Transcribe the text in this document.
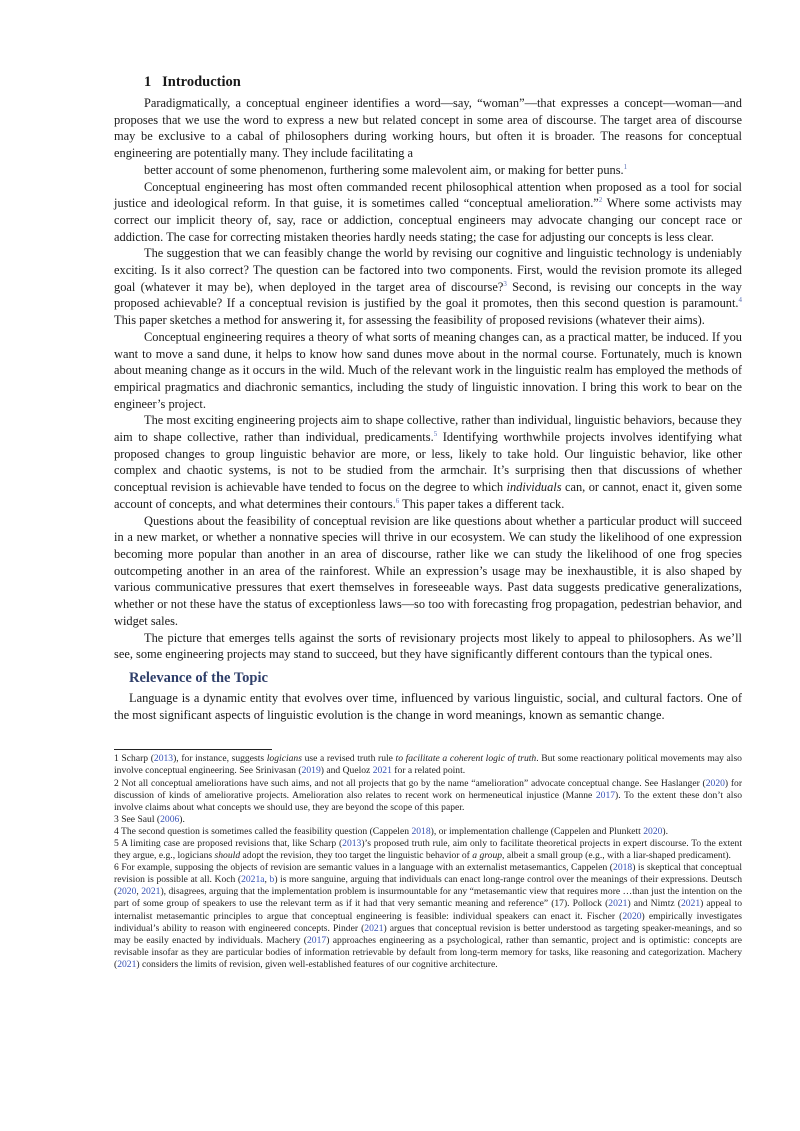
1 Introduction

Paradigmatically, a conceptual engineer identifies a word—say, “woman”—that expresses a concept—woman—and proposes that we use the word to express a new but related concept in some area of discourse. The target area of discourse may be exclusive to a cabal of philosophers during working hours, but often it is broader. The reasons for conceptual engineering are potentially many. They include facilitating a

better account of some phenomenon, furthering some malevolent aim, or making for better puns.$^1$

Conceptual engineering has most often commanded recent philosophical attention when proposed as a tool for social justice and ideological reform. In that guise, it is sometimes called “conceptual amelioration.”$^2$ Where some activists may correct our implicit theory of, say, race or addiction, conceptual engineers may advocate changing our concept race or addiction. The case for correcting mistaken theories hardly needs stating; the case for adjusting our concepts is less clear.

The suggestion that we can feasibly change the world by revising our cognitive and linguistic technology is undeniably exciting. Is it also correct? The question can be factored into two components. First, would the revision promote its alleged goal (whatever it may be), when deployed in the target area of discourse?$^3$ Second, is revising our concepts in the way proposed achievable? If a conceptual revision is justified by the goal it promotes, then this second question is paramount.$^4$ This paper sketches a method for answering it, for assessing the feasibility of proposed revisions (whatever their aims).

Conceptual engineering requires a theory of what sorts of meaning changes can, as a practical matter, be induced. If you want to move a sand dune, it helps to know how sand dunes move about in the normal course. Fortunately, much is known about meaning change as it occurs in the wild. Much of the relevant work in the linguistic realm has employed the methods of empirical pragmatics and diachronic semantics, including the study of linguistic innovation. I bring this work to bear on the engineer’s project.

The most exciting engineering projects aim to shape collective, rather than individual, linguistic behaviors, because they aim to shape collective, rather than individual, predicaments.$^5$ Identifying worthwhile projects involves identifying what proposed changes to group linguistic behavior are more, or less, likely to take hold. Our linguistic behavior, like other complex and chaotic systems, is not to be studied from the armchair. It’s surprising then that discussions of whether conceptual revision is achievable have tended to focus on the degree to which individuals can, or cannot, enact it, given some account of concepts, and what determines their contours.$^6$ This paper takes a different tack.

Questions about the feasibility of conceptual revision are like questions about whether a particular product will succeed in a new market, or whether a nonnative species will thrive in our ecosystem. We can study the likelihood of one expression becoming more popular than another in an area of discourse, rather like we can study the likelihood of one frog species outcompeting another in an area of the rainforest. While an expression’s usage may be inexhaustible, it is also shaped by various communicative pressures that exert themselves in foreseeable ways. Past data suggests predicative generalizations, whether or not these have the status of exceptionless laws—so too with forecasting frog propagation, pedestrian behavior, and widget sales.

The picture that emerges tells against the sorts of revisionary projects most likely to appeal to philosophers. As we’ll see, some engineering projects may stand to succeed, but they have significantly different contours than the typical ones.

Relevance of the Topic

Language is a dynamic entity that evolves over time, influenced by various linguistic, social, and cultural factors. One of the most significant aspects of linguistic evolution is the change in word meanings, known as semantic change.

1 Scharp (2013), for instance, suggests logicians use a revised truth rule to facilitate a coherent logic of truth. But some reactionary political movements may also involve conceptual engineering. See Srinivasan (2019) and Queloz 2021 for a related point.

2 Not all conceptual ameliorations have such aims, and not all projects that go by the name “amelioration” advocate conceptual change. See Haslanger (2020) for discussion of kinds of ameliorative projects. Amelioration also relates to recent work on hermeneutical injustice (Manne 2017). To the extent these don’t also involve claims about what concepts we should use, they are beyond the scope of this paper.

3 See Saul (2006).

4 The second question is sometimes called the feasibility question (Cappelen 2018), or implementation challenge (Cappelen and Plunkett 2020).

5 A limiting case are proposed revisions that, like Scharp (2013)’s proposed truth rule, aim only to facilitate theoretical projects in expert discourse. To the extent they argue, e.g., logicians should adopt the revision, they too target the linguistic behavior of a group, albeit a small group (e.g., with a liar-shaped predicament).

6 For example, supposing the objects of revision are semantic values in a language with an externalist metasemantics, Cappelen (2018) is skeptical that conceptual revision is possible at all. Koch (2021a, b) is more sanguine, arguing that individuals can enact long-range control over the meanings of their expressions. Deutsch (2020, 2021), disagrees, arguing that the implementation problem is insurmountable for any “metasemantic view that requires more …than just the intention on the part of some group of speakers to use the relevant term as if it had that very semantic meaning and reference” (17). Pollock (2021) and Nimtz (2021) appeal to internalist metasemantic principles to argue that conceptual engineering is feasible: individual speakers can enact it. Fischer (2020) empirically investigates individual’s ability to reason with engineered concepts. Pinder (2021) argues that conceptual revision is better understood as targeting speaker-meanings, and so may be easily enacted by individuals. Machery (2017) approaches engineering as a psychological, rather than semantic, project and is optimistic: concepts are revisable insofar as they are particular bodies of information retrievable by default from long-term memory for tasks, like reasoning and categorization. Machery (2021) considers the limits of revision, given well-established features of our cognitive architecture.
